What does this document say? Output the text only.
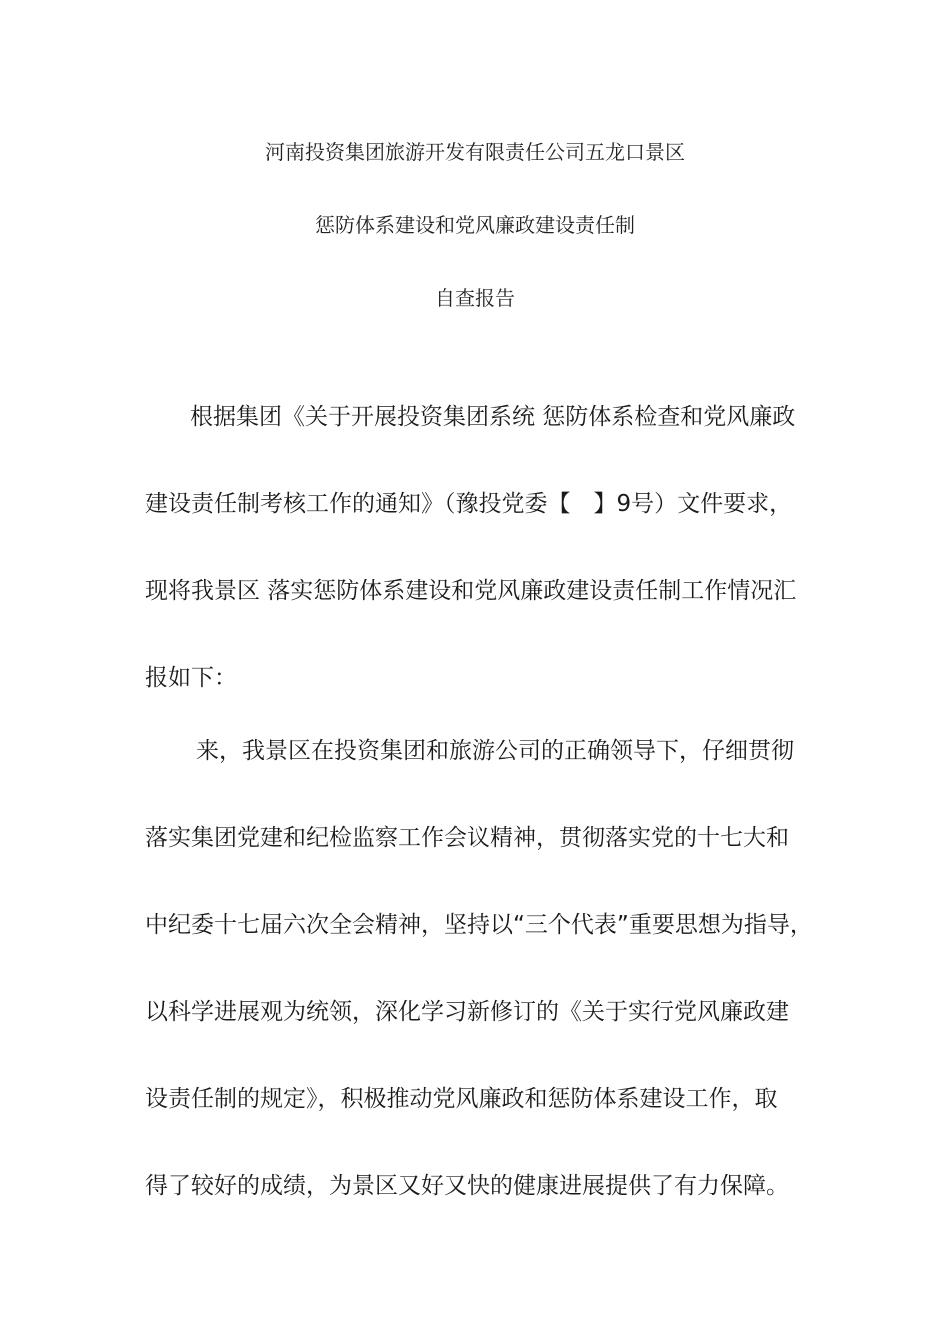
河南投资集团旅游开发有限责任公司五龙口景区
惩防体系建设和党风廉政建设责任制
自查报告
根据集团《关于开展投资集团系统 惩防体系检查和党风廉政
建设责任制考核工作的通知》（豫投党委【　】9号）文件要求，
现将我景区 落实惩防体系建设和党风廉政建设责任制工作情况汇
报如下：
来，我景区在投资集团和旅游公司的正确领导下，仔细贯彻
落实集团党建和纪检监察工作会议精神，贯彻落实党的十七大和
中纪委十七届六次全会精神，坚持以“三个代表”重要思想为指导，
以科学进展观为统领，深化学习新修订的《关于实行党风廉政建
设责任制的规定》，积极推动党风廉政和惩防体系建设工作，取
得了较好的成绩，为景区又好又快的健康进展提供了有力保障。
